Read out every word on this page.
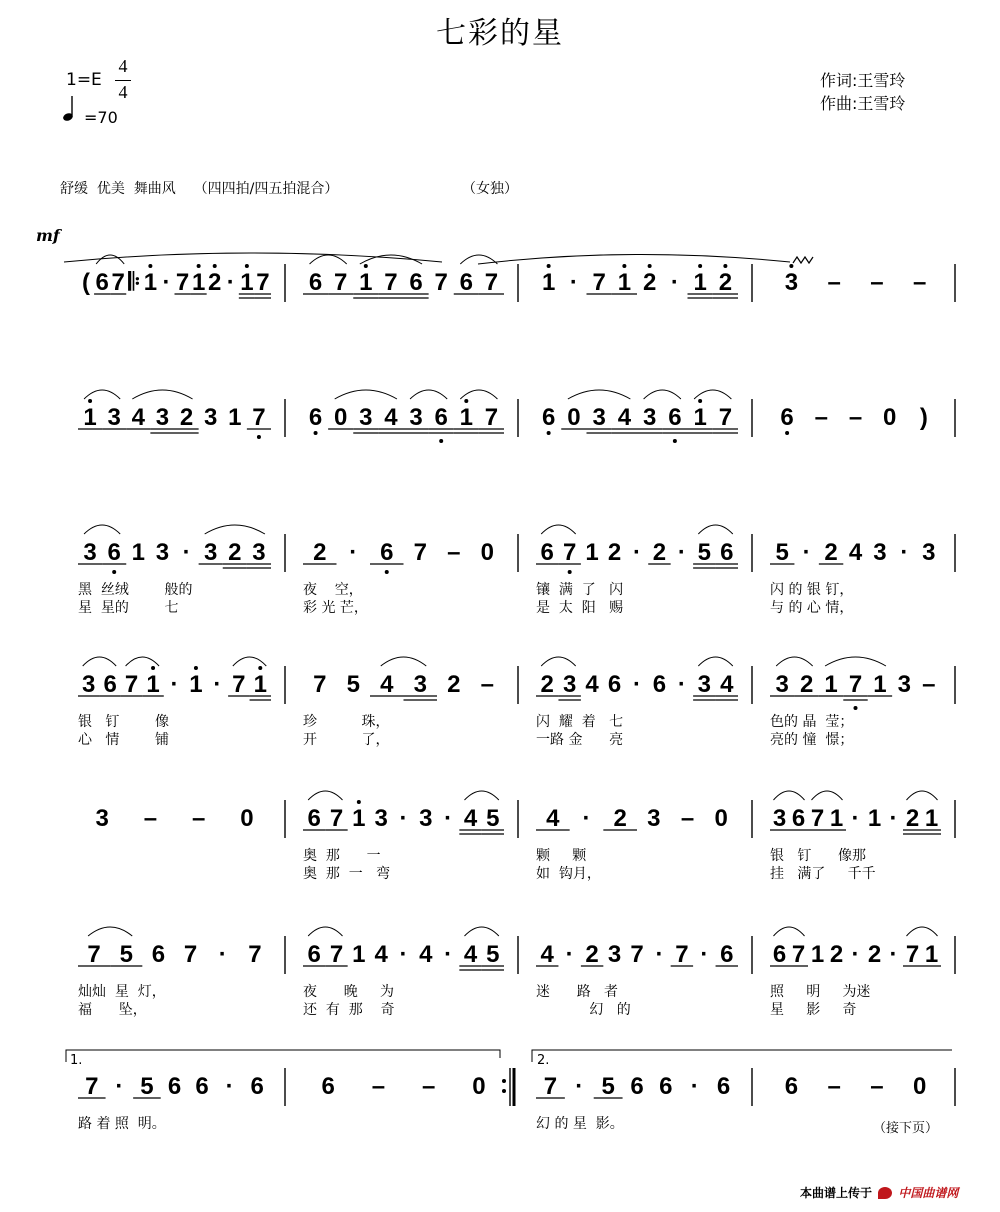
七彩的星
1=E
4
4
=70
作词:王雪玲
作曲:王雪玲
舒缓  优美  舞曲风    （四四拍/四五拍混合）	（女独）
mf
( 6 7 𝄆 1 · 7 1 2 · 1 7 6 7 1 7 6 7 6 7 1 · 7 1 2 · 1 2 3 – – –
1 3 4 3 2 3 1 7 6 0 3 4 3 6 1 7 6 0 3 4 3 6 1 7 6 – – 0 )
3 6 1 3 · 3 2 3
黑  丝绒        般的
星  星的        七
2 · 6 7 – 0
夜    空，
彩 光 芒，
6 7 1 2 · 2 · 5 6
镶  满  了   闪
是  太  阳   赐
5 · 2 4 3 · 3
闪 的 银 钉，
与 的 心 情，
3 6 7 1 · 1 · 7 1
银   钉        像
心   情        铺
7 5 4 3 2 –
珍          珠，
开          了，
2 3 4 6 · 6 · 3 4
闪  耀  着   七
一路 金      亮
3 2 1 7 1 3 –
色的 晶  莹；
亮的 憧  憬；
3 – – 0 6 7 1 3 · 3 · 4 5
奥  那      一
奥  那  一   弯
4 · 2 3 – 0
颗     颗
如  钩月，
3 6 7 1 · 1 · 2 1
银   钉      像那
挂   满了     千千
7 5 6 7 · 7
灿灿  星  灯，
福      坠，
6 7 1 4 · 4 · 4 5
夜      晚     为
还  有  那    奇
4 · 2 3 7 · 7 · 6
迷      路   者
幻   的
6 7 1 2 · 2 · 7 1
照     明     为迷
星     影     奇
7 · 5 6 6 · 6
路 着 照  明。
6 – – 0 7 · 5 6 6 · 6
幻 的 星  影。
6 – – 0
1.	2.
（接下页）
本曲谱上传于 中国曲谱网
